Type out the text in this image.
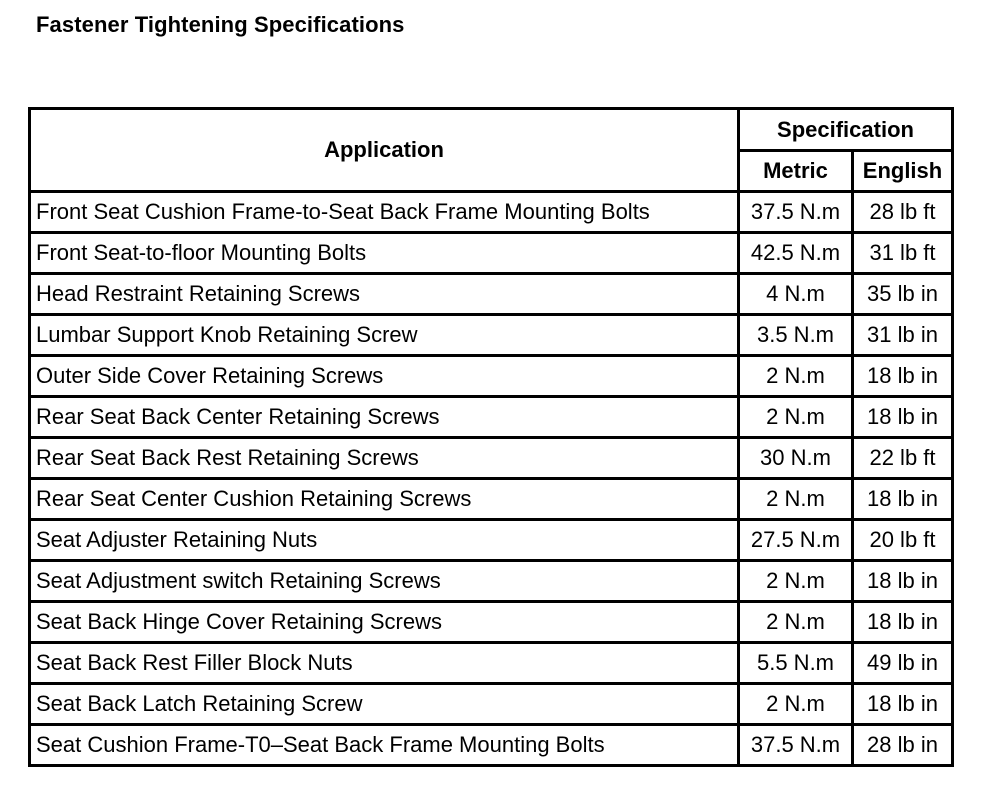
Fastener Tightening Specifications
Application	Specification	
	Metric	English
Front Seat Cushion Frame-to-Seat Back Frame Mounting Bolts	37.5 N.m	28 lb ft
Front Seat-to-floor Mounting Bolts	42.5 N.m	31 lb ft
Head Restraint Retaining Screws	4 N.m	35 lb in
Lumbar Support Knob Retaining Screw	3.5 N.m	31 lb in
Outer Side Cover Retaining Screws	2 N.m	18 lb in
Rear Seat Back Center Retaining Screws	2 N.m	18 lb in
Rear Seat Back Rest Retaining Screws	30 N.m	22 lb ft
Rear Seat Center Cushion Retaining Screws	2 N.m	18 lb in
Seat Adjuster Retaining Nuts	27.5 N.m	20 lb ft
Seat Adjustment switch Retaining Screws	2 N.m	18 lb in
Seat Back Hinge Cover Retaining Screws	2 N.m	18 lb in
Seat Back Rest Filler Block Nuts	5.5 N.m	49 lb in
Seat Back Latch Retaining Screw	2 N.m	18 lb in
Seat Cushion Frame-T0–Seat Back Frame Mounting Bolts	37.5 N.m	28 lb in
